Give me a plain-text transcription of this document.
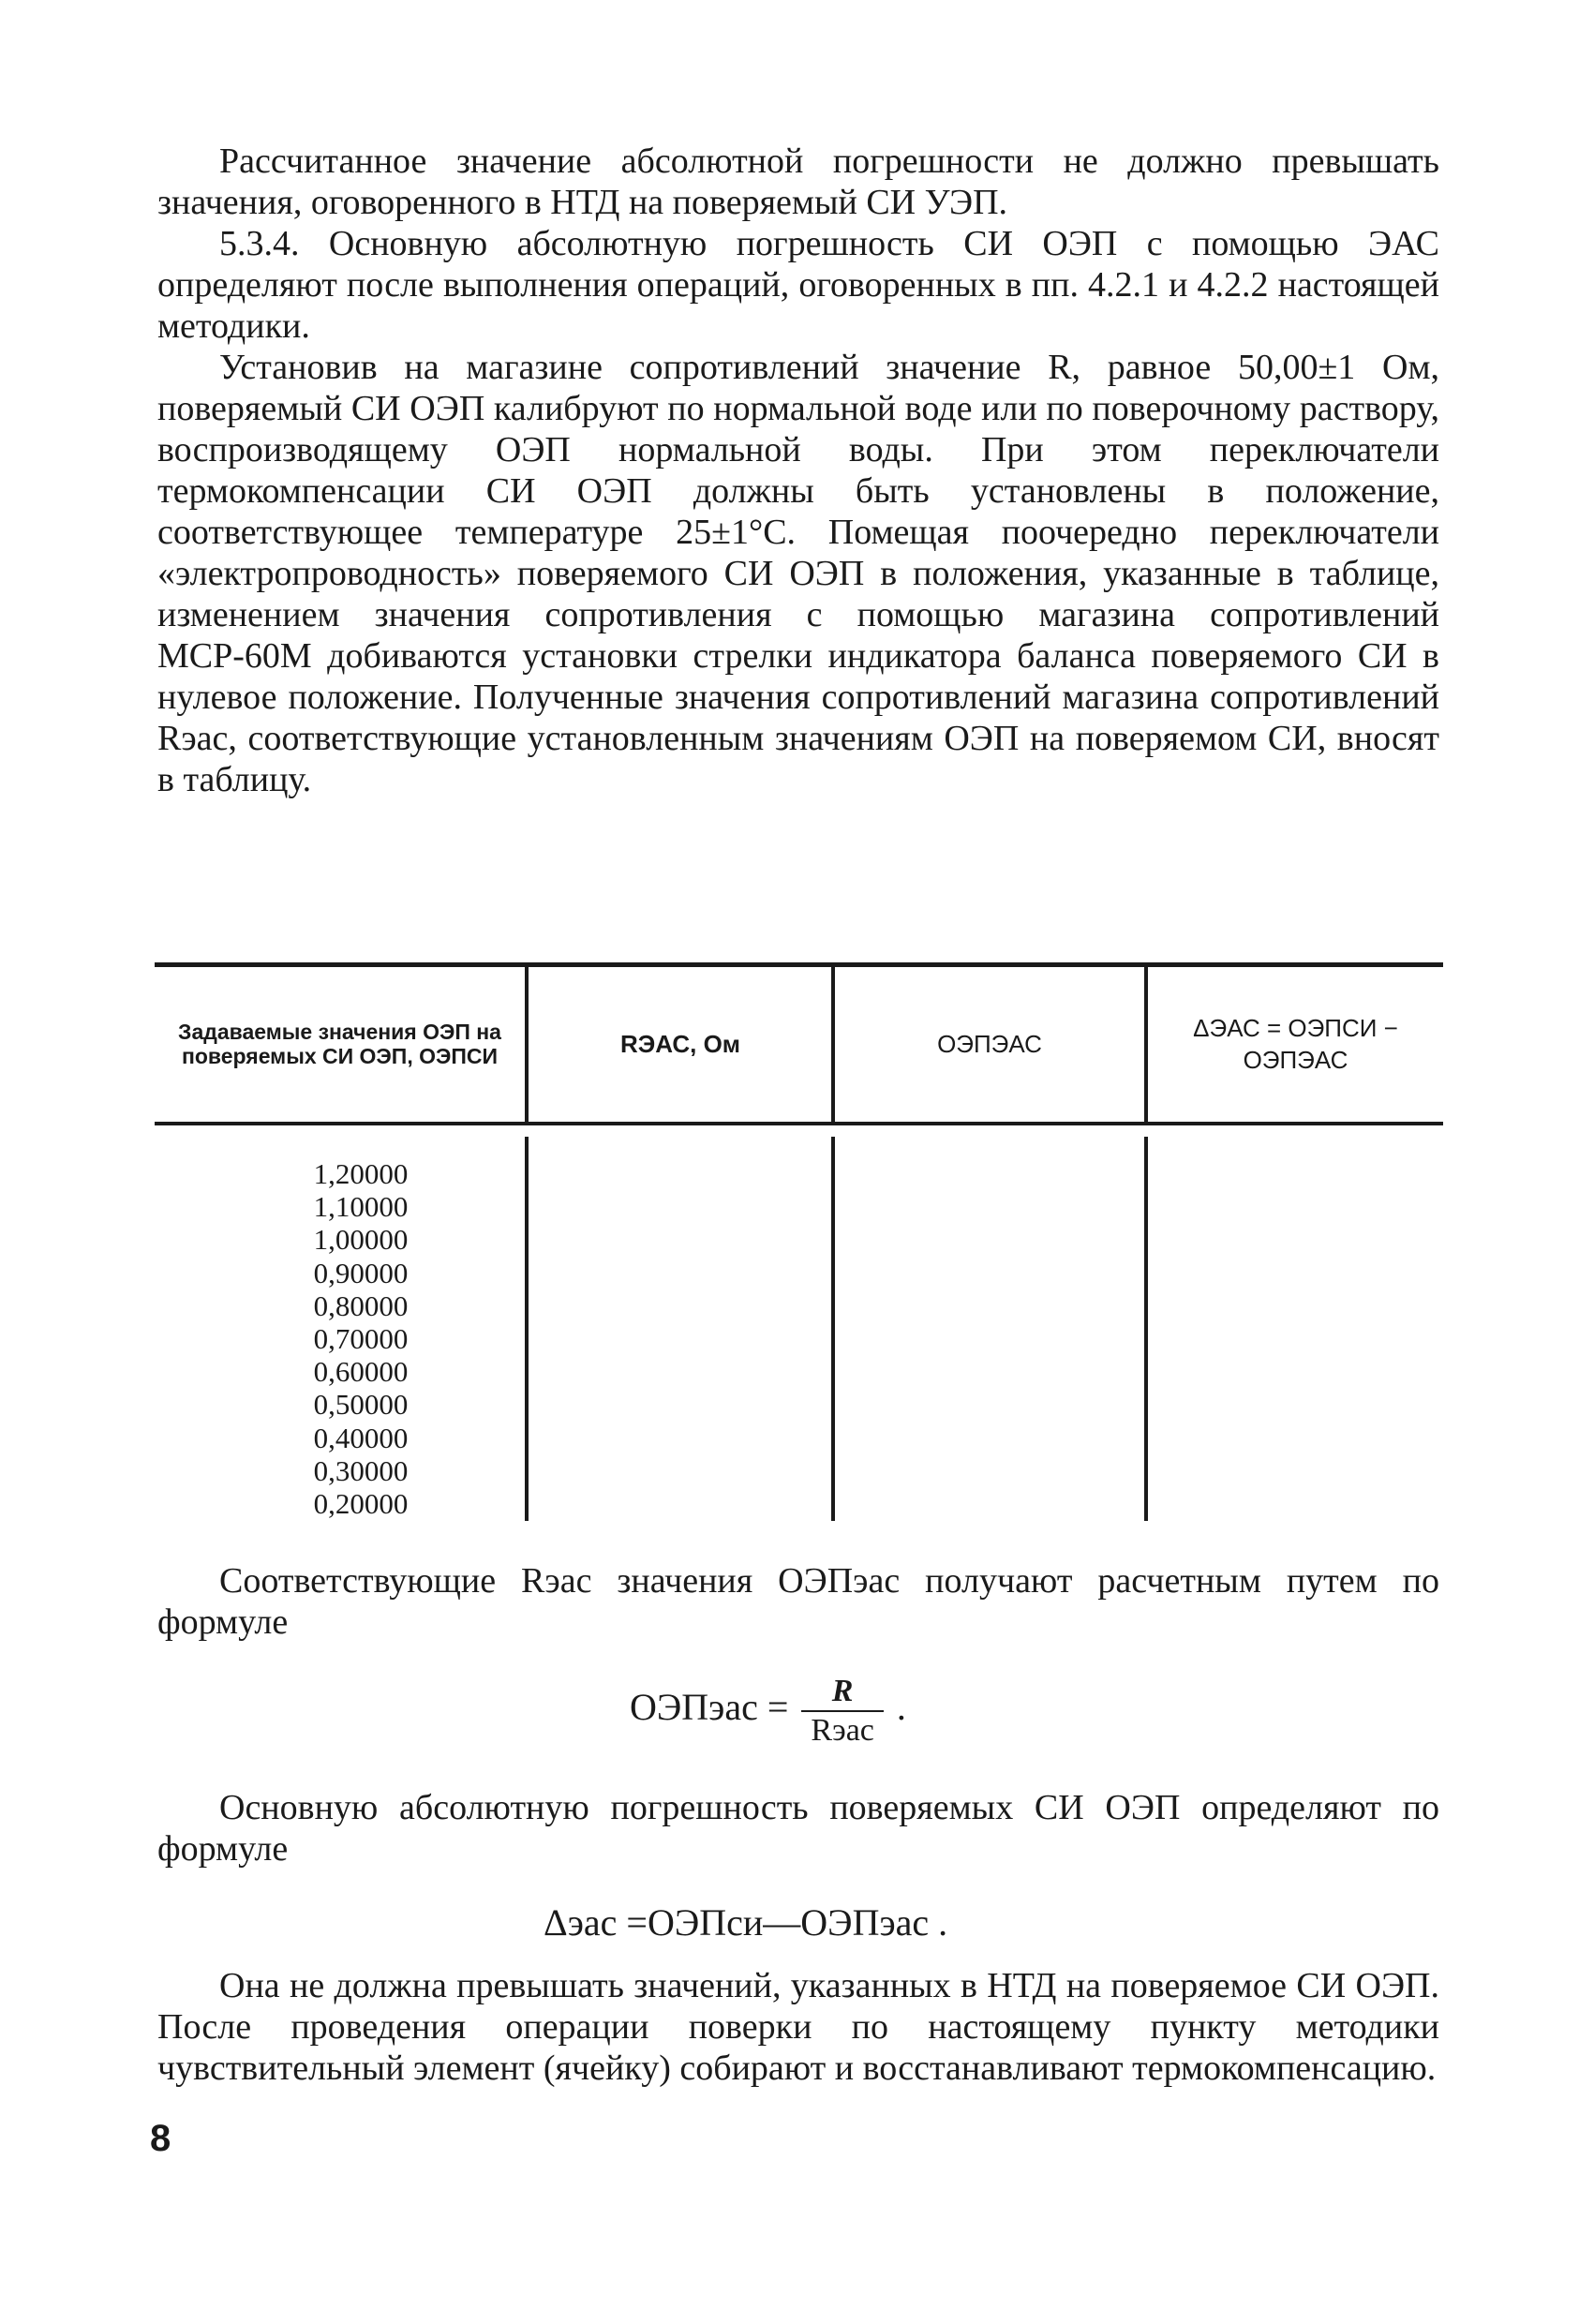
Рассчитанное значение абсолютной погрешности не должно превышать значения, оговоренного в НТД на поверяемый СИ УЭП.

5.3.4. Основную абсолютную погрешность СИ ОЭП с помощью ЭАС определяют после выполнения операций, оговоренных в пп. 4.2.1 и 4.2.2 настоящей методики.

Установив на магазине сопротивлений значение R, равное 50,00±1 Ом, поверяемый СИ ОЭП калибруют по нормальной воде или по поверочному раствору, воспроизводящему ОЭП нормальной воды. При этом переключатели термокомпенсации СИ ОЭП должны быть установлены в положение, соответствующее температуре 25±1°С. Помещая поочередно переключатели «электропроводность» поверяемого СИ ОЭП в положения, указанные в таблице, изменением значения сопротивления с помощью магазина сопротивлений МСР-60М добиваются установки стрелки индикатора баланса поверяемого СИ в нулевое положение. Полученные значения сопротивлений магазина сопротивлений Rэас, соответствующие установленным значениям ОЭП на поверяемом СИ, вносят в таблицу.

Задаваемые значения ОЭП на поверяемых СИ ОЭП, ОЭПСИ	RЭАС, Ом	ОЭПЭАС
ΔЭАС = ОЭПСИ − ОЭПЭАС
1,20000
1,10000
1,00000
0,90000
0,80000
0,70000
0,60000
0,50000
0,40000
0,30000
0,20000

Соответствующие Rэас значения ОЭПэас получают расчетным путем по формуле

ОЭПэас = $\frac{R}{\text{Rэас}}$ .

Основную абсолютную погрешность поверяемых СИ ОЭП определяют по формуле

Δэас =ОЭПси—ОЭПэас .

Она не должна превышать значений, указанных в НТД на поверяемое СИ ОЭП. После проведения операции поверки по настоящему пункту методики чувствительный элемент (ячейку) собирают и восстанавливают термокомпенсацию.

8
